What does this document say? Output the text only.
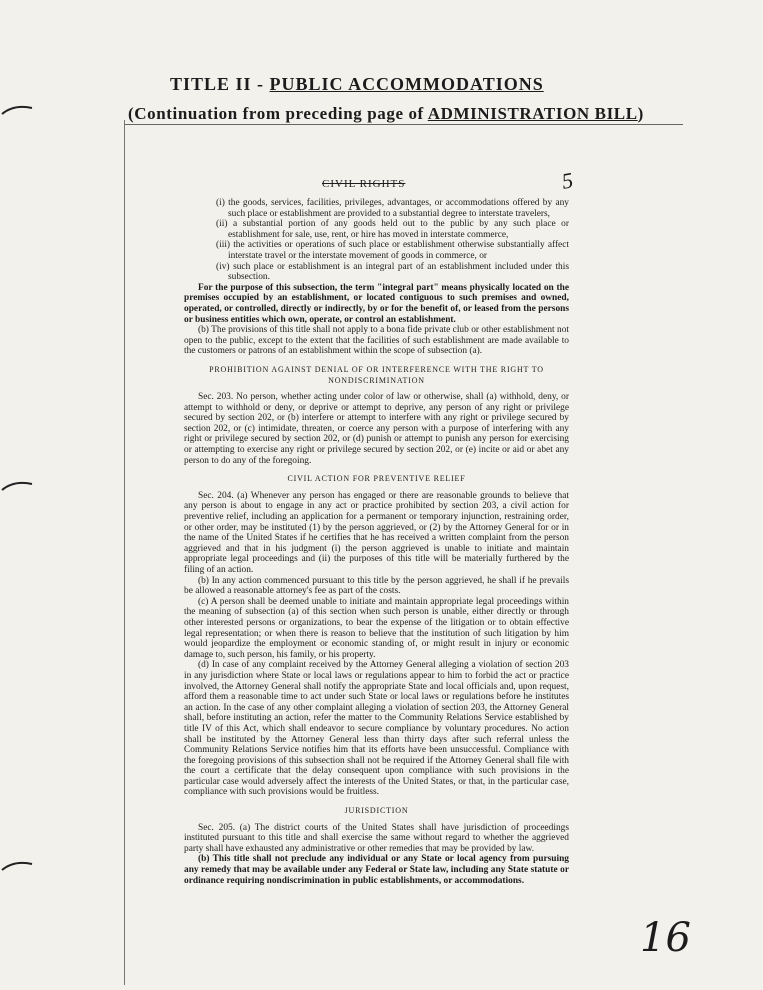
TITLE II - PUBLIC ACCOMMODATIONS
(Continuation from preceding page of ADMINISTRATION BILL)
CIVIL RIGHTS	5

(i) the goods, services, facilities, privileges, advantages, or accommodations offered by any such place or establishment are provided to a substantial degree to interstate travelers,

(ii) a substantial portion of any goods held out to the public by any such place or establishment for sale, use, rent, or hire has moved in interstate commerce,

(iii) the activities or operations of such place or establishment otherwise substantially affect interstate travel or the interstate movement of goods in commerce, or

(iv) such place or establishment is an integral part of an establishment included under this subsection.

For the purpose of this subsection, the term "integral part" means physically located on the premises occupied by an establishment, or located contiguous to such premises and owned, operated, or controlled, directly or indirectly, by or for the benefit of, or leased from the persons or business entities which own, operate, or control an establishment.

(b) The provisions of this title shall not apply to a bona fide private club or other establishment not open to the public, except to the extent that the facilities of such establishment are made available to the customers or patrons of an establishment within the scope of subsection (a).

PROHIBITION AGAINST DENIAL OF OR INTERFERENCE WITH THE RIGHT TO NONDISCRIMINATION

Sec. 203. No person, whether acting under color of law or otherwise, shall (a) withhold, deny, or attempt to withhold or deny, or deprive or attempt to deprive, any person of any right or privilege secured by section 202, or (b) interfere or attempt to interfere with any right or privilege secured by section 202, or (c) intimidate, threaten, or coerce any person with a purpose of interfering with any right or privilege secured by section 202, or (d) punish or attempt to punish any person for exercising or attempting to exercise any right or privilege secured by section 202, or (e) incite or aid or abet any person to do any of the foregoing.

CIVIL ACTION FOR PREVENTIVE RELIEF

Sec. 204. (a) Whenever any person has engaged or there are reasonable grounds to believe that any person is about to engage in any act or practice prohibited by section 203, a civil action for preventive relief, including an application for a permanent or temporary injunction, restraining order, or other order, may be instituted (1) by the person aggrieved, or (2) by the Attorney General for or in the name of the United States if he certifies that he has received a written complaint from the person aggrieved and that in his judgment (i) the person aggrieved is unable to initiate and maintain appropriate legal proceedings and (ii) the purposes of this title will be materially furthered by the filing of an action.

(b) In any action commenced pursuant to this title by the person aggrieved, he shall if he prevails be allowed a reasonable attorney's fee as part of the costs.

(c) A person shall be deemed unable to initiate and maintain appropriate legal proceedings within the meaning of subsection (a) of this section when such person is unable, either directly or through other interested persons or organizations, to bear the expense of the litigation or to obtain effective legal representation; or when there is reason to believe that the institution of such litigation by him would jeopardize the employment or economic standing of, or might result in injury or economic damage to, such person, his family, or his property.

(d) In case of any complaint received by the Attorney General alleging a violation of section 203 in any jurisdiction where State or local laws or regulations appear to him to forbid the act or practice involved, the Attorney General shall notify the appropriate State and local officials and, upon request, afford them a reasonable time to act under such State or local laws or regulations before he institutes an action. In the case of any other complaint alleging a violation of section 203, the Attorney General shall, before instituting an action, refer the matter to the Community Relations Service established by title IV of this Act, which shall endeavor to secure compliance by voluntary procedures. No action shall be instituted by the Attorney General less than thirty days after such referral unless the Community Relations Service notifies him that its efforts have been unsuccessful. Compliance with the foregoing provisions of this subsection shall not be required if the Attorney General shall file with the court a certificate that the delay consequent upon compliance with such provisions in the particular case would adversely affect the interests of the United States, or that, in the particular case, compliance with such provisions would be fruitless.

JURISDICTION

Sec. 205. (a) The district courts of the United States shall have jurisdiction of proceedings instituted pursuant to this title and shall exercise the same without regard to whether the aggrieved party shall have exhausted any administrative or other remedies that may be provided by law.

(b) This title shall not preclude any individual or any State or local agency from pursuing any remedy that may be available under any Federal or State law, including any State statute or ordinance requiring nondiscrimination in public establishments, or accommodations.

16
